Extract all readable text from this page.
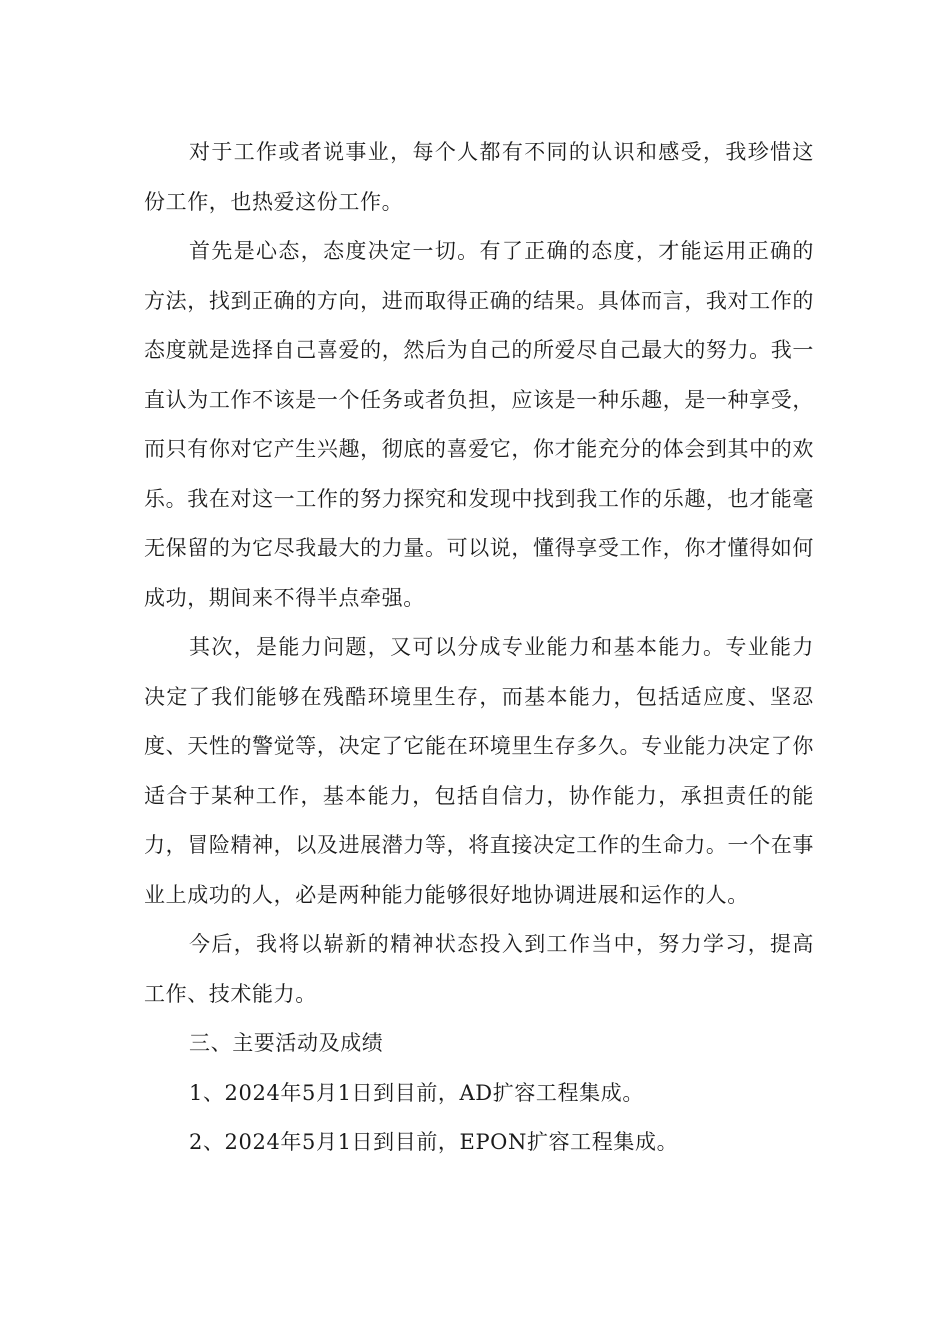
对于工作或者说事业，每个人都有不同的认识和感受，我珍惜这份工作，也热爱这份工作。

首先是心态，态度决定一切。有了正确的态度，才能运用正确的方法，找到正确的方向，进而取得正确的结果。具体而言，我对工作的态度就是选择自己喜爱的，然后为自己的所爱尽自己最大的努力。我一直认为工作不该是一个任务或者负担，应该是一种乐趣，是一种享受，而只有你对它产生兴趣，彻底的喜爱它，你才能充分的体会到其中的欢乐。我在对这一工作的努力探究和发现中找到我工作的乐趣，也才能毫无保留的为它尽我最大的力量。可以说，懂得享受工作，你才懂得如何成功，期间来不得半点牵强。

其次，是能力问题，又可以分成专业能力和基本能力。专业能力决定了我们能够在残酷环境里生存，而基本能力，包括适应度、坚忍度、天性的警觉等，决定了它能在环境里生存多久。专业能力决定了你适合于某种工作，基本能力，包括自信力，协作能力，承担责任的能力，冒险精神，以及进展潜力等，将直接决定工作的生命力。一个在事业上成功的人，必是两种能力能够很好地协调进展和运作的人。

今后，我将以崭新的精神状态投入到工作当中，努力学习，提高工作、技术能力。

三、主要活动及成绩

1、2024年5月1日到目前，AD扩容工程集成。

2、2024年5月1日到目前，EPON扩容工程集成。
